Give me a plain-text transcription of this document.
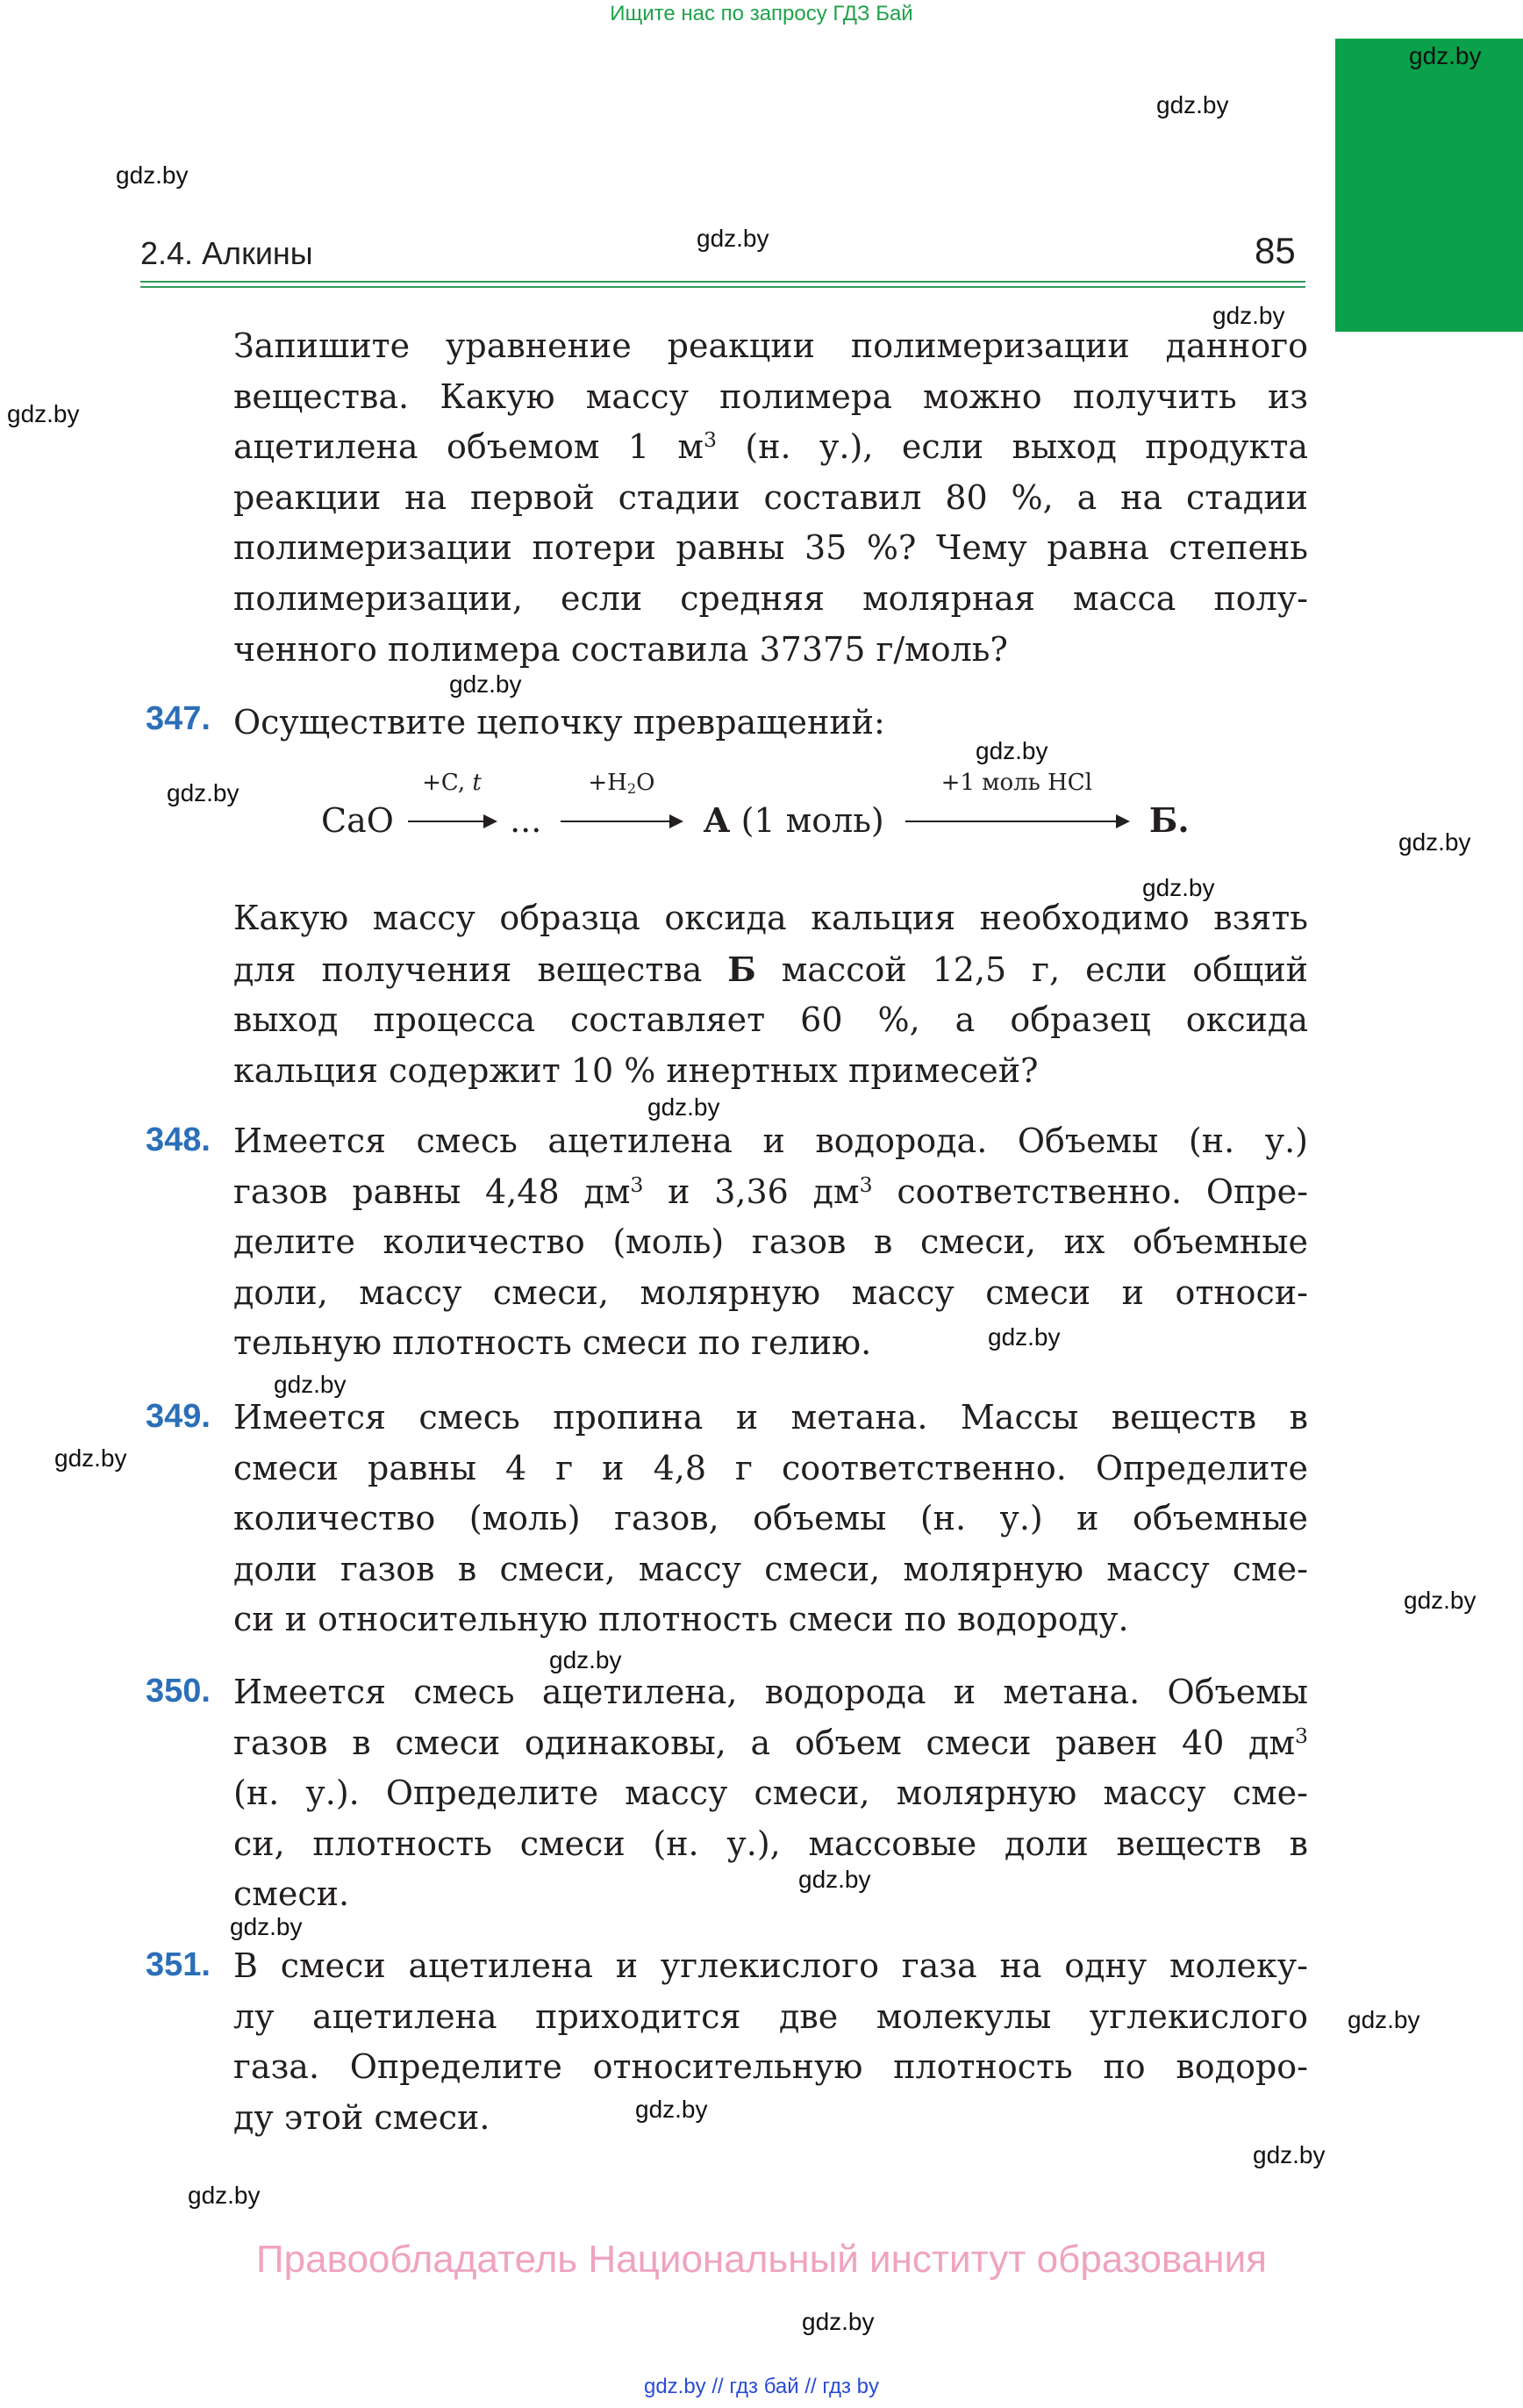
Ищите нас по запросу ГДЗ Бай
2.4. Алкины	85
Запишите уравнение реакции полимеризации данного
вещества. Какую массу полимера можно получить из
ацетилена объемом 1 $м^3$ (н. у.), если выход продукта
реакции на первой стадии составил 80 %, а на стадии
полимеризации потери равны 35 %? Чему равна степень
полимеризации, если средняя молярная масса полу-
ченного полимера составила 37375 г/моль?
347. Осуществите цепочку превращений:
CaO
+C, t
...
$+H_2O$
А (1 моль)
+1 моль HCl
Б.
Какую массу образца оксида кальция необходимо взять
для получения вещества Б массой 12,5 г, если общий
выход процесса составляет 60 %, а образец оксида
кальция содержит 10 % инертных примесей?
348. Имеется смесь ацетилена и водорода. Объемы (н. у.)
газов равны 4,48 $дм^3$ и 3,36 $дм^3$ соответственно. Опре-
делите количество (моль) газов в смеси, их объемные
доли, массу смеси, молярную массу смеси и относи-
тельную плотность смеси по гелию.
349. Имеется смесь пропина и метана. Массы веществ в
смеси равны 4 г и 4,8 г соответственно. Определите
количество (моль) газов, объемы (н. у.) и объемные
доли газов в смеси, массу смеси, молярную массу сме-
си и относительную плотность смеси по водороду.
350. Имеется смесь ацетилена, водорода и метана. Объемы
газов в смеси одинаковы, а объем смеси равен 40 $дм^3$
(н. у.). Определите массу смеси, молярную массу сме-
си, плотность смеси (н. у.), массовые доли веществ в
смеси.
351. В смеси ацетилена и углекислого газа на одну молеку-
лу ацетилена приходится две молекулы углекислого
газа. Определите относительную плотность по водоро-
ду этой смеси.
Правообладатель Национальный институт образования
gdz.by // гдз бай // гдз by
gdz.by
gdz.by
gdz.by
gdz.by
gdz.by
gdz.by
gdz.by
gdz.by
gdz.by
gdz.by
gdz.by
gdz.by
gdz.by
gdz.by
gdz.by
gdz.by
gdz.by
gdz.by
gdz.by
gdz.by
gdz.by
gdz.by
gdz.by
gdz.by
